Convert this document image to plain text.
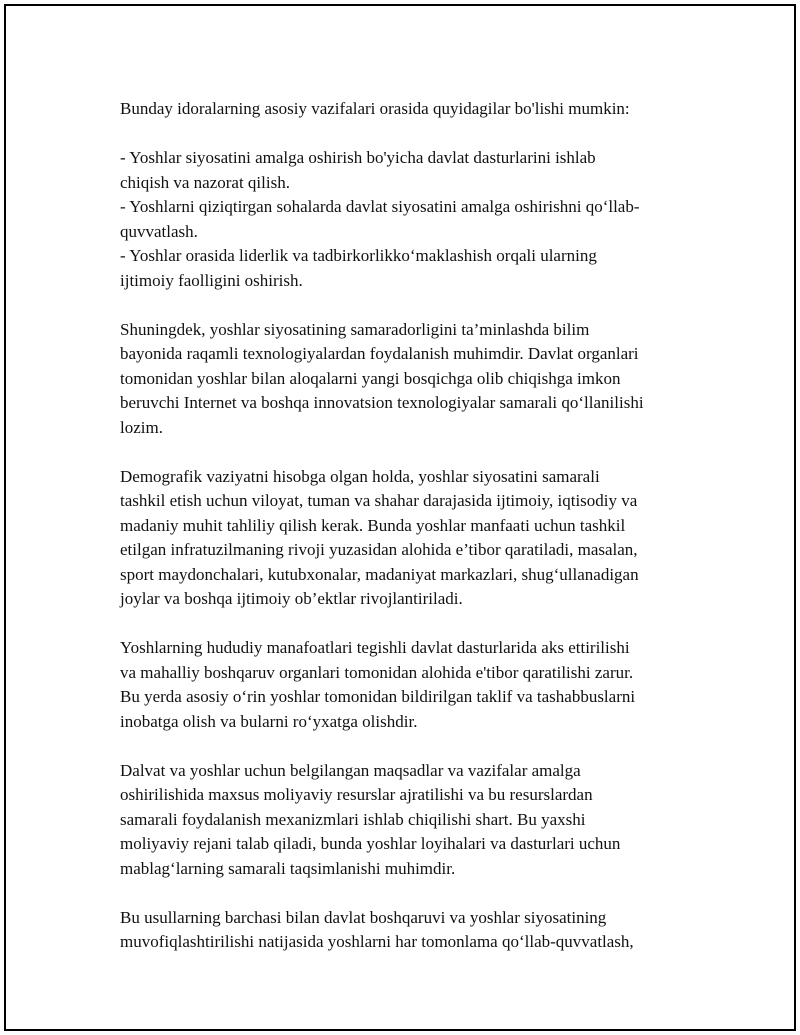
Bunday idoralarning asosiy vazifalari orasida quyidagilar bo'lishi mumkin:

- Yoshlar siyosatini amalga oshirish bo'yicha davlat dasturlarini ishlab
chiqish va nazorat qilish.
- Yoshlarni qiziqtirgan sohalarda davlat siyosatini amalga oshirishni qo‘llab-
quvvatlash.
- Yoshlar orasida liderlik va tadbirkorlikko‘maklashish orqali ularning
ijtimoiy faolligini oshirish.

Shuningdek, yoshlar siyosatining samaradorligini ta’minlashda bilim
bayonida raqamli texnologiyalardan foydalanish muhimdir. Davlat organlari
tomonidan yoshlar bilan aloqalarni yangi bosqichga olib chiqishga imkon
beruvchi Internet va boshqa innovatsion texnologiyalar samarali qo‘llanilishi
lozim.

Demografik vaziyatni hisobga olgan holda, yoshlar siyosatini samarali
tashkil etish uchun viloyat, tuman va shahar darajasida ijtimoiy, iqtisodiy va
madaniy muhit tahliliy qilish kerak. Bunda yoshlar manfaati uchun tashkil
etilgan infratuzilmaning rivoji yuzasidan alohida e’tibor qaratiladi, masalan,
sport maydonchalari, kutubxonalar, madaniyat markazlari, shug‘ullanadigan
joylar va boshqa ijtimoiy ob’ektlar rivojlantiriladi.

Yoshlarning hududiy manafoatlari tegishli davlat dasturlarida aks ettirilishi
va mahalliy boshqaruv organlari tomonidan alohida e'tibor qaratilishi zarur.
Bu yerda asosiy o‘rin yoshlar tomonidan bildirilgan taklif va tashabbuslarni
inobatga olish va bularni ro‘yxatga olishdir.

Dalvat va yoshlar uchun belgilangan maqsadlar va vazifalar amalga
oshirilishida maxsus moliyaviy resurslar ajratilishi va bu resurslardan
samarali foydalanish mexanizmlari ishlab chiqilishi shart. Bu yaxshi
moliyaviy rejani talab qiladi, bunda yoshlar loyihalari va dasturlari uchun
mablag‘larning samarali taqsimlanishi muhimdir.

Bu usullarning barchasi bilan davlat boshqaruvi va yoshlar siyosatining
muvofiqlashtirilishi natijasida yoshlarni har tomonlama qo‘llab-quvvatlash,
